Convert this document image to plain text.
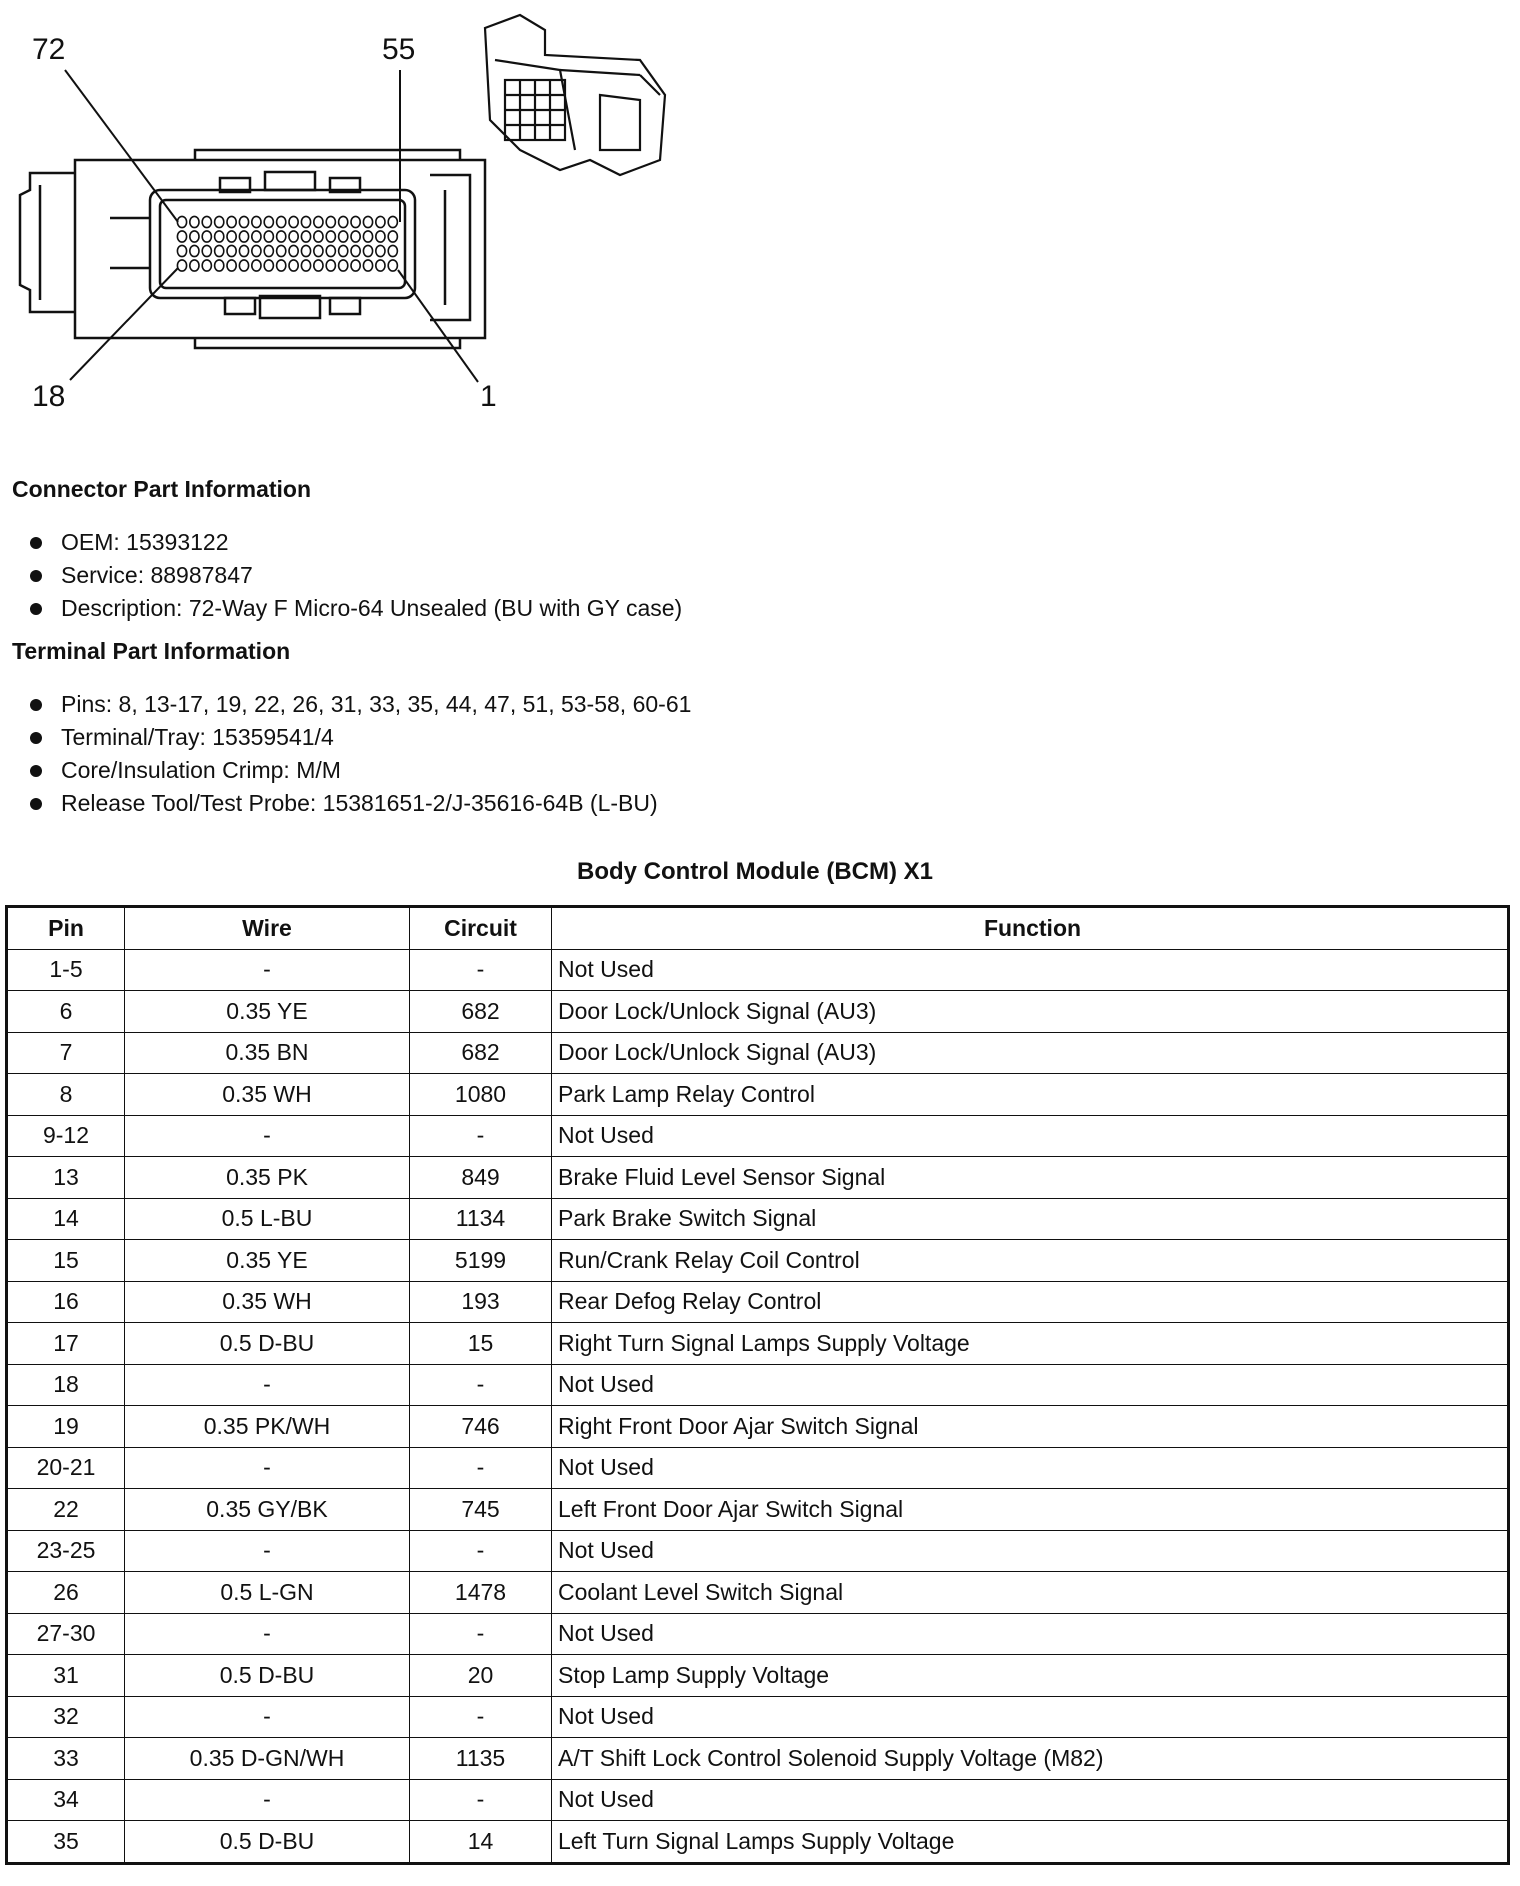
72	55
18	1
Connector Part Information
OEM: 15393122
Service: 88987847
Description: 72-Way F Micro-64 Unsealed (BU with GY case)
Terminal Part Information
Pins: 8, 13-17, 19, 22, 26, 31, 33, 35, 44, 47, 51, 53-58, 60-61
Terminal/Tray: 15359541/4
Core/Insulation Crimp: M/M
Release Tool/Test Probe: 15381651-2/J-35616-64B (L-BU)
Body Control Module (BCM) X1
Pin	Wire	Circuit	Function
1-5	-	-	Not Used
6	0.35 YE	682	Door Lock/Unlock Signal (AU3)
7	0.35 BN	682	Door Lock/Unlock Signal (AU3)
8	0.35 WH	1080	Park Lamp Relay Control
9-12	-	-	Not Used
13	0.35 PK	849	Brake Fluid Level Sensor Signal
14	0.5 L-BU	1134	Park Brake Switch Signal
15	0.35 YE	5199	Run/Crank Relay Coil Control
16	0.35 WH	193	Rear Defog Relay Control
17	0.5 D-BU	15	Right Turn Signal Lamps Supply Voltage
18	-	-	Not Used
19	0.35 PK/WH	746	Right Front Door Ajar Switch Signal
20-21	-	-	Not Used
22	0.35 GY/BK	745	Left Front Door Ajar Switch Signal
23-25	-	-	Not Used
26	0.5 L-GN	1478	Coolant Level Switch Signal
27-30	-	-	Not Used
31	0.5 D-BU	20	Stop Lamp Supply Voltage
32	-	-	Not Used
33	0.35 D-GN/WH	1135	A/T Shift Lock Control Solenoid Supply Voltage (M82)
34	-	-	Not Used
35	0.5 D-BU	14	Left Turn Signal Lamps Supply Voltage
